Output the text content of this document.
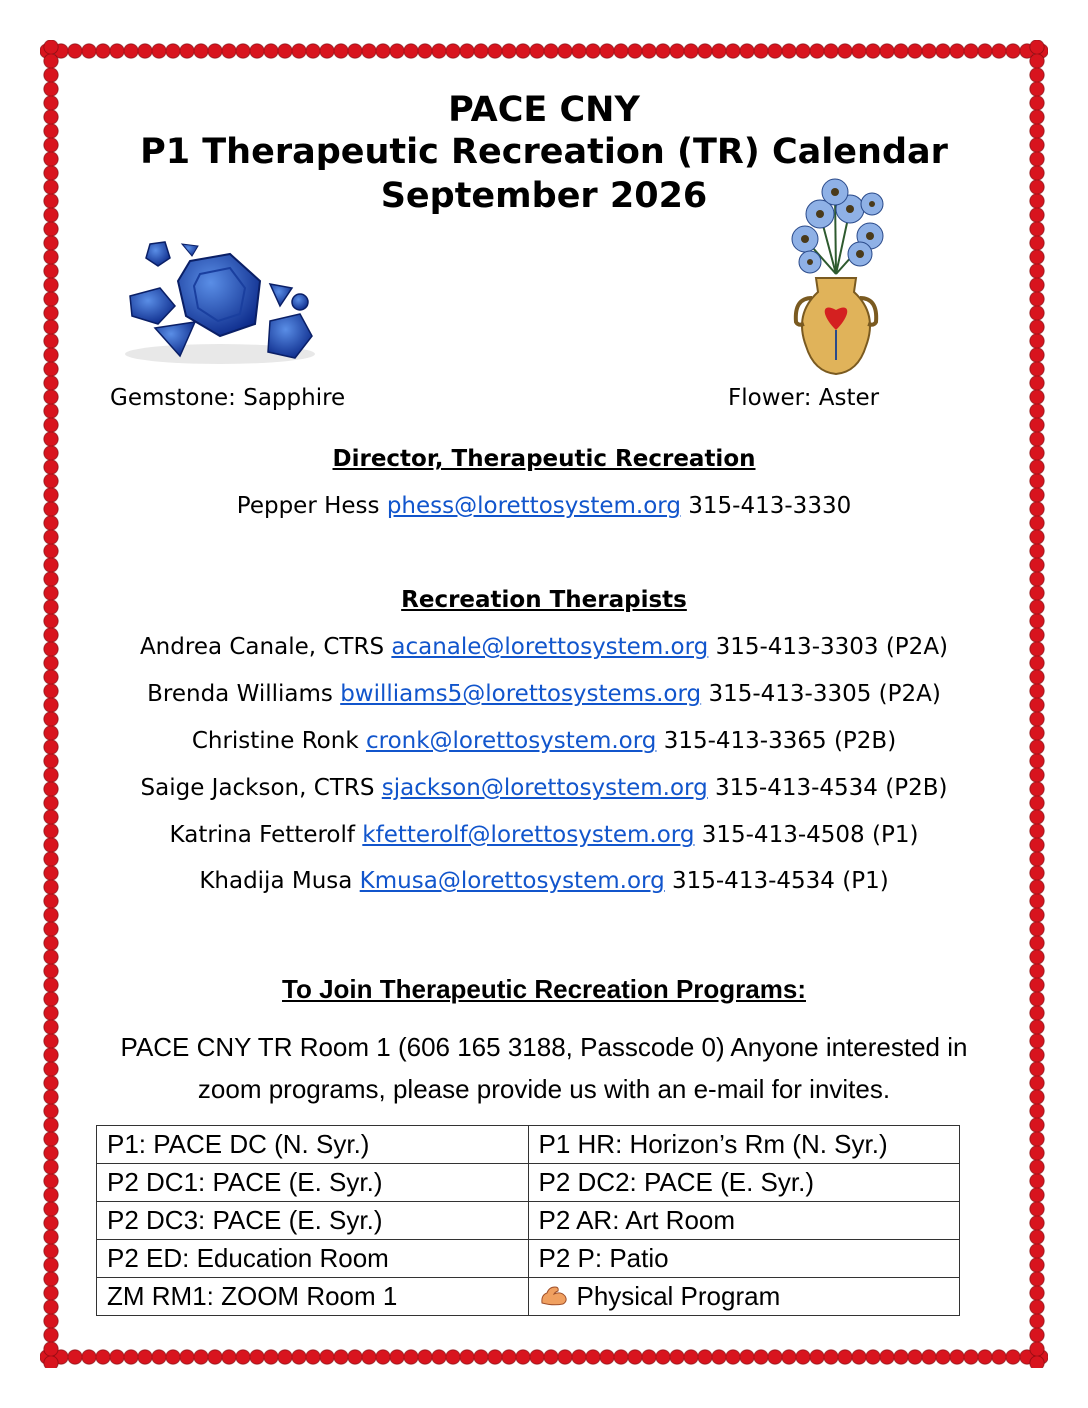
PACE CNY
P1 Therapeutic Recreation (TR) Calendar
September 2026
Gemstone: Sapphire	Flower: Aster
Director, Therapeutic Recreation
Pepper Hess phess@lorettosystem.org 315-413-3330
Recreation Therapists
Andrea Canale, CTRS acanale@lorettosystem.org 315-413-3303 (P2A)
Brenda Williams bwilliams5@lorettosystems.org 315-413-3305 (P2A)
Christine Ronk cronk@lorettosystem.org 315-413-3365 (P2B)
Saige Jackson, CTRS sjackson@lorettosystem.org 315-413-4534 (P2B)
Katrina Fetterolf kfetterolf@lorettosystem.org 315-413-4508 (P1)
Khadija Musa Kmusa@lorettosystem.org 315-413-4534 (P1)
To Join Therapeutic Recreation Programs:
PACE CNY TR Room 1 (606 165 3188, Passcode 0) Anyone interested in
zoom programs, please provide us with an e-mail for invites.
P1: PACE DC (N. Syr.)	P1 HR: Horizon’s Rm (N. Syr.)
P2 DC1: PACE (E. Syr.)	P2 DC2: PACE (E. Syr.)
P2 DC3: PACE (E. Syr.)	P2 AR: Art Room
P2 ED: Education Room	P2 P: Patio
ZM RM1: ZOOM Room 1	Physical Program
